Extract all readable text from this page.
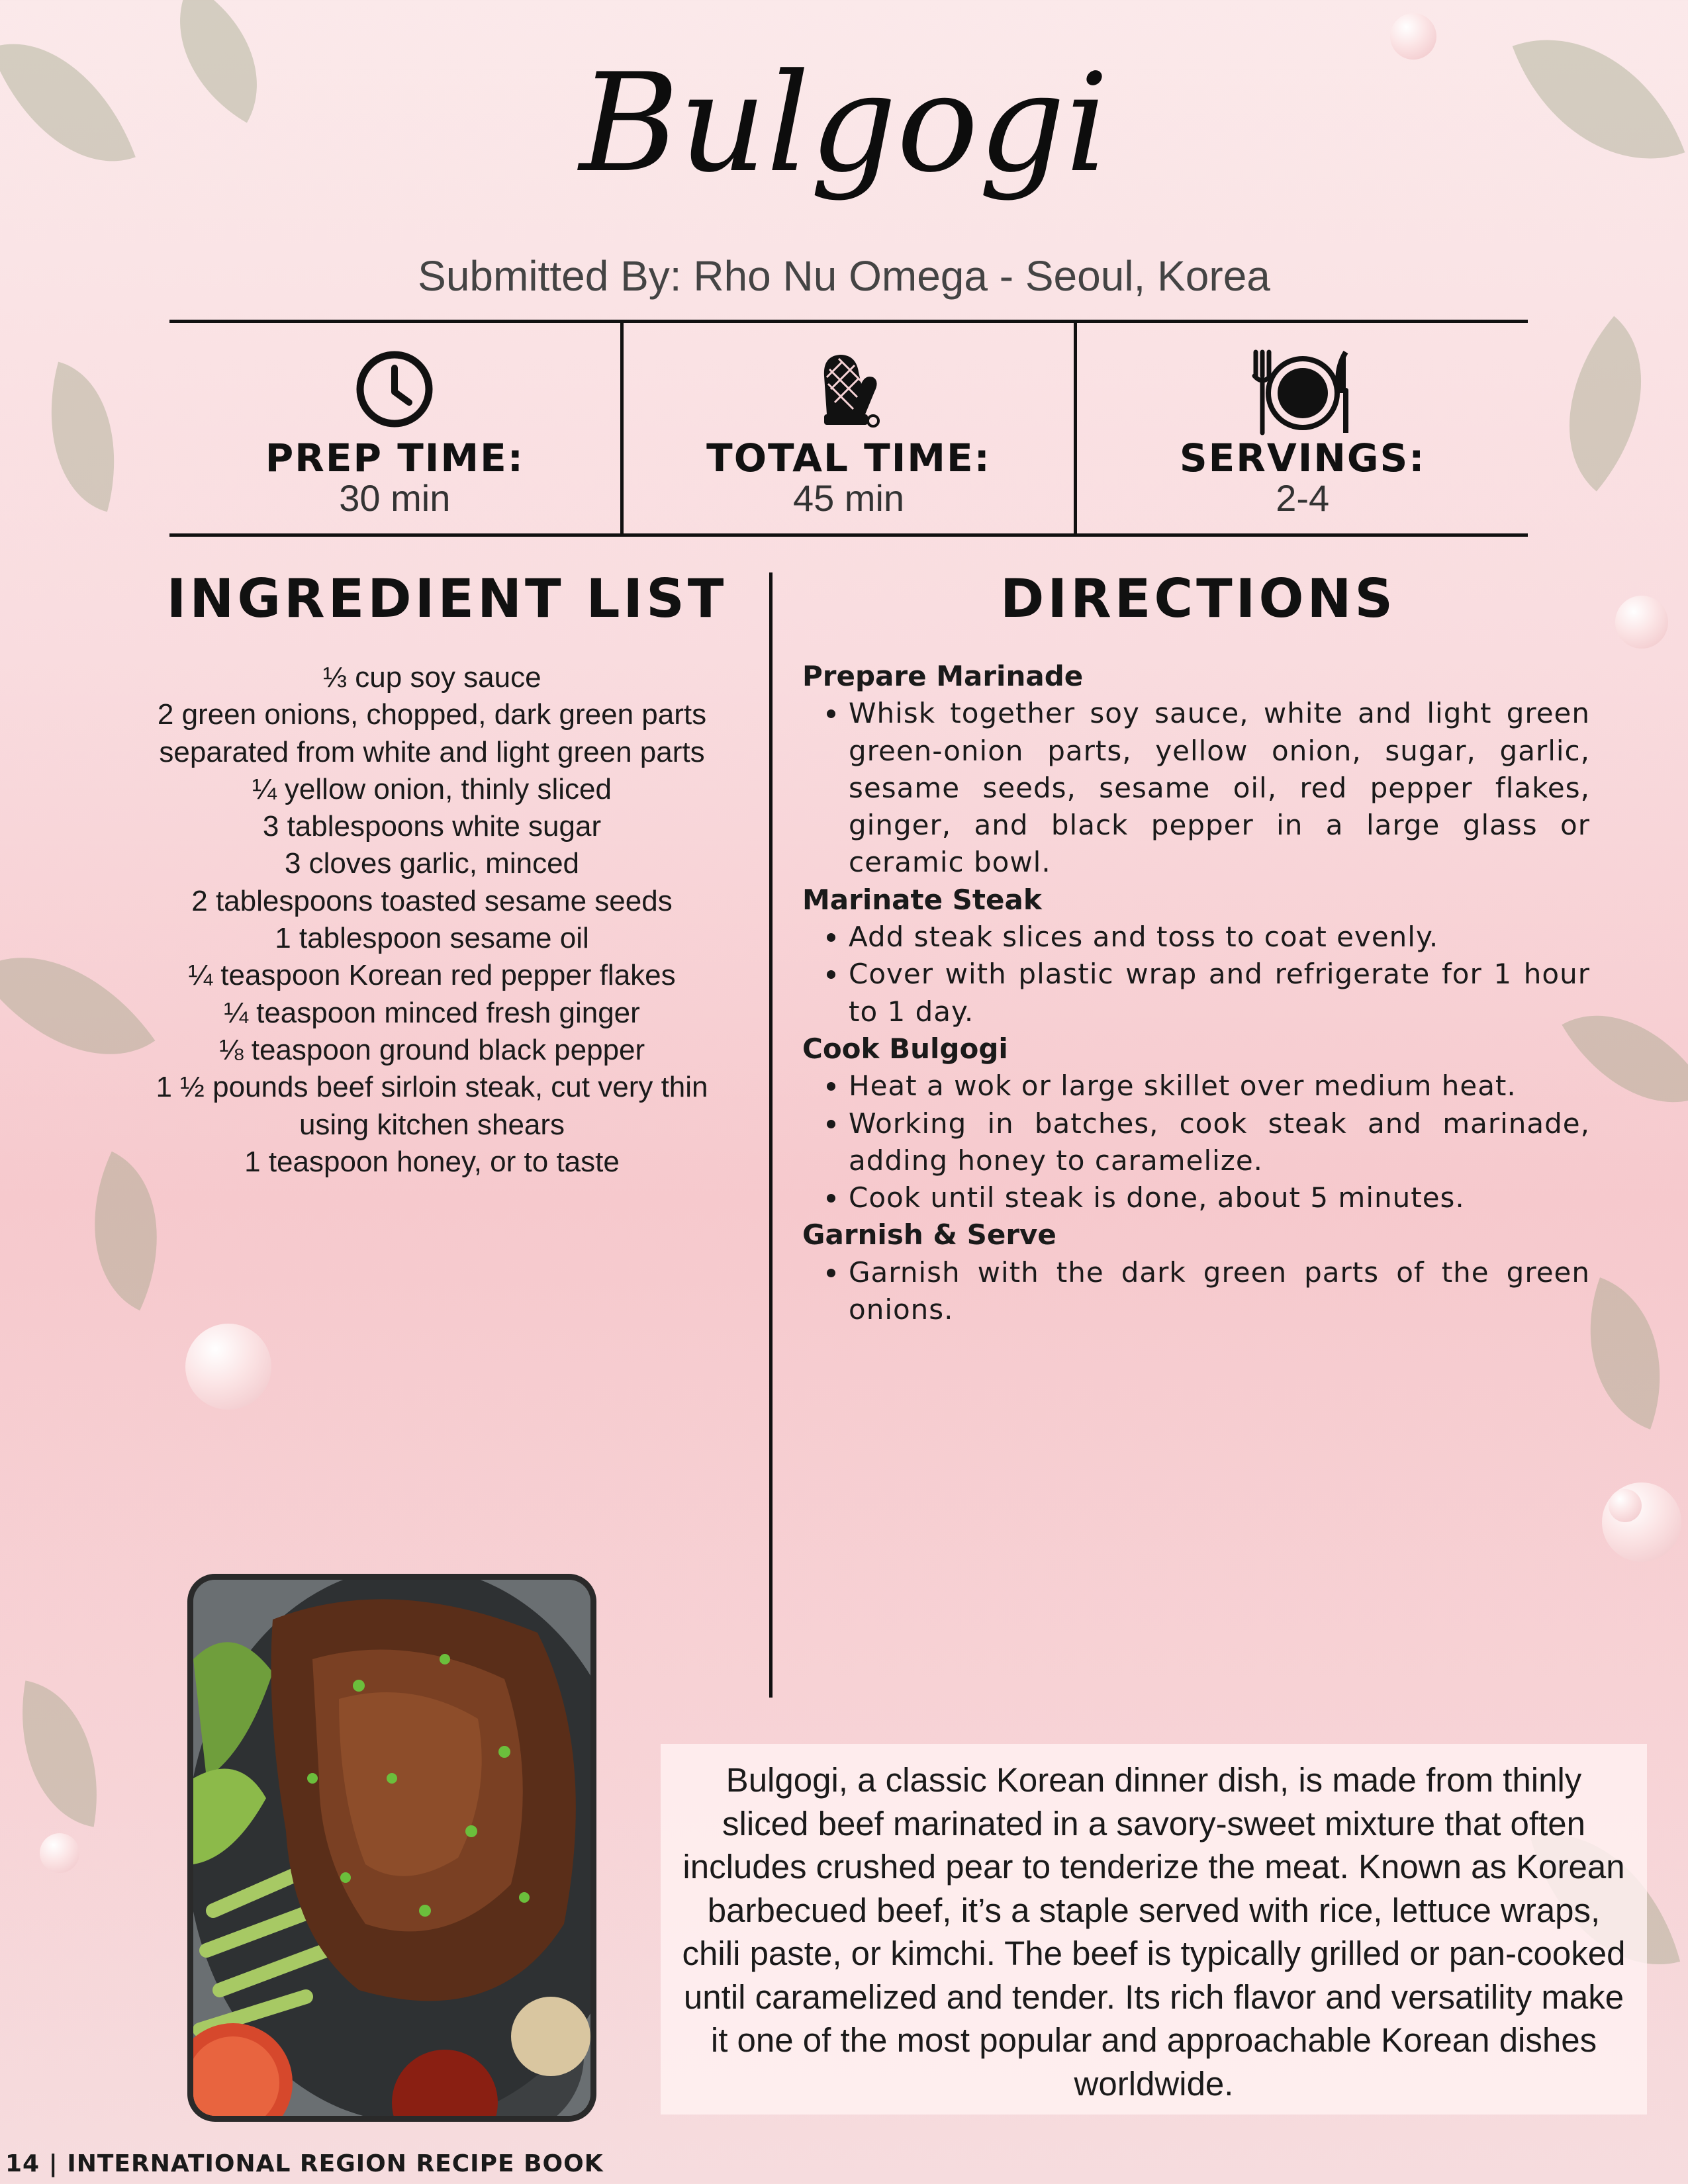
Bulgogi
Submitted By: Rho Nu Omega - Seoul, Korea
PREP TIME:
30 min
TOTAL TIME:
45 min
SERVINGS:
2-4
INGREDIENT LIST	DIRECTIONS
⅓ cup soy sauce
2 green onions, chopped, dark green parts
separated from white and light green parts
¼ yellow onion, thinly sliced
3 tablespoons white sugar
3 cloves garlic, minced
2 tablespoons toasted sesame seeds
1 tablespoon sesame oil
¼ teaspoon Korean red pepper flakes
¼ teaspoon minced fresh ginger
⅛ teaspoon ground black pepper
1 ½ pounds beef sirloin steak, cut very thin
using kitchen shears
1 teaspoon honey, or to taste
Prepare Marinade
• Whisk together soy sauce, white and light green green-onion parts, yellow onion, sugar, garlic, sesame seeds, sesame oil, red pepper flakes, ginger, and black pepper in a large glass or ceramic bowl.
Marinate Steak
• Add steak slices and toss to coat evenly.
• Cover with plastic wrap and refrigerate for 1 hour to 1 day.
Cook Bulgogi
• Heat a wok or large skillet over medium heat.
• Working in batches, cook steak and marinade, adding honey to caramelize.
• Cook until steak is done, about 5 minutes.
Garnish & Serve
• Garnish with the dark green parts of the green onions.

Bulgogi, a classic Korean dinner dish, is made from thinly sliced beef marinated in a savory-sweet mixture that often includes crushed pear to tenderize the meat. Known as Korean barbecued beef, it’s a staple served with rice, lettuce wraps, chili paste, or kimchi. The beef is typically grilled or pan-cooked until caramelized and tender. Its rich flavor and versatility make it one of the most popular and approachable Korean dishes worldwide.

14 | INTERNATIONAL REGION RECIPE BOOK
